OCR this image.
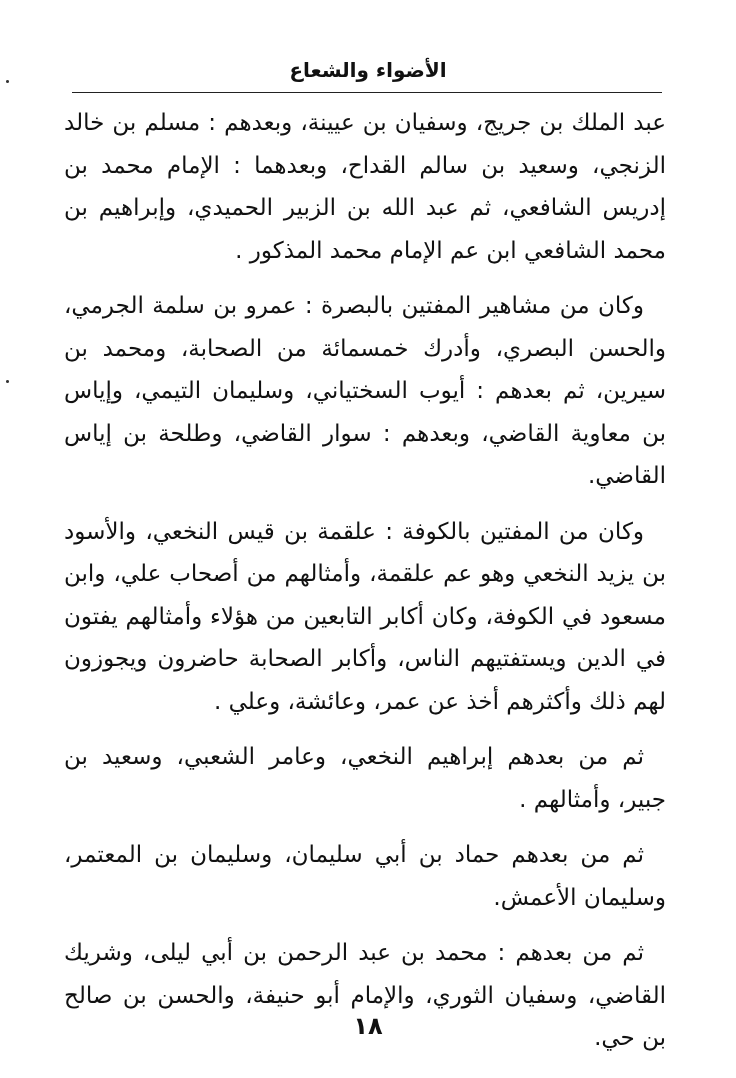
الأضواء والشعاع

عبد الملك بن جريج، وسفيان بن عيينة، وبعدهم : مسلم بن خالد الزنجي، وسعيد بن سالم القداح، وبعدهما : الإمام محمد بن إدريس الشافعي، ثم عبد الله بن الزبير الحميدي، وإبراهيم بن محمد الشافعي ابن عم الإمام محمد المذكور .

وكان من مشاهير المفتين بالبصرة : عمرو بن سلمة الجرمي، والحسن البصري، وأدرك خمسمائة من الصحابة، ومحمد بن سيرين، ثم بعدهم : أيوب السختياني، وسليمان التيمي، وإياس بن معاوية القاضي، وبعدهم : سوار القاضي، وطلحة بن إياس القاضي.

وكان من المفتين بالكوفة : علقمة بن قيس النخعي، والأسود بن يزيد النخعي وهو عم علقمة، وأمثالهم من أصحاب علي، وابن مسعود في الكوفة، وكان أكابر التابعين من هؤلاء وأمثالهم يفتون في الدين ويستفتيهم الناس، وأكابر الصحابة حاضرون ويجوزون لهم ذلك وأكثرهم أخذ عن عمر، وعائشة، وعلي .

ثم من بعدهم إبراهيم النخعي، وعامر الشعبي، وسعيد بن جبير، وأمثالهم .

ثم من بعدهم حماد بن أبي سليمان، وسليمان بن المعتمر، وسليمان الأعمش.

ثم من بعدهم : محمد بن عبد الرحمن بن أبي ليلى، وشريك القاضي، وسفيان الثوري، والإمام أبو حنيفة، والحسن بن صالح بن حي.

١٨
